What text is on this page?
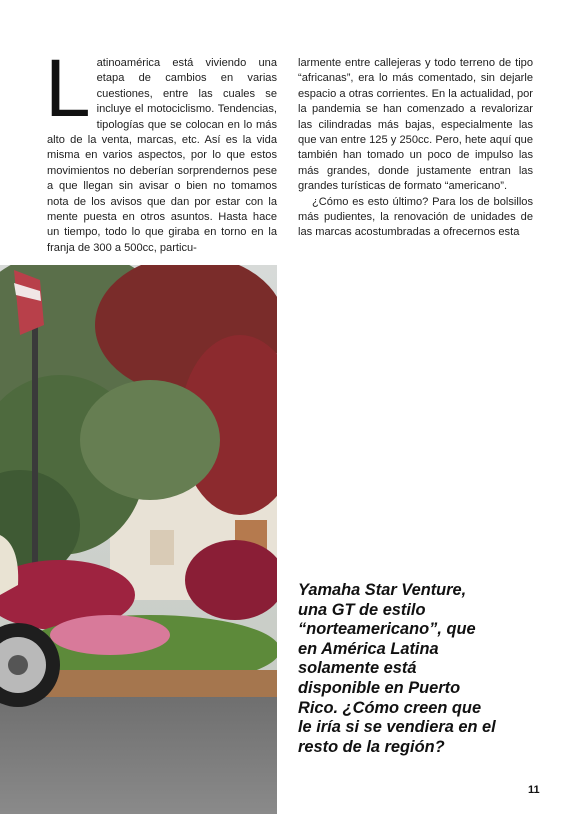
L atinoamérica está viviendo una etapa de cambios en varias cuestiones, entre las cuales se incluye el motociclismo. Tendencias, tipologías que se colocan en lo más alto de la venta, marcas, etc. Así es la vida misma en varios aspectos, por lo que estos movimientos no deberían sorprendernos pese a que llegan sin avisar o bien no tomamos nota de los avisos que dan por estar con la mente puesta en otros asuntos. Hasta hace un tiempo, todo lo que giraba en torno en la franja de 300 a 500cc, particu-

larmente entre callejeras y todo terreno de tipo “africanas”, era lo más comentado, sin dejarle espacio a otras corrientes. En la actualidad, por la pandemia se han comenzado a revalorizar las cilindradas más bajas, especialmente las que van entre 125 y 250cc. Pero, hete aquí que también han tomado un poco de impulso las más grandes, donde justamente entran las grandes turísticas de formato “americano”.

¿Cómo es esto último? Para los de bolsillos más pudientes, la renovación de unidades de las marcas acostumbradas a ofrecernos esta

Yamaha Star Venture, una GT de estilo “norteamericano”, que en América Latina solamente está disponible en Puerto Rico. ¿Cómo creen que le iría si se vendiera en el resto de la región?
11
